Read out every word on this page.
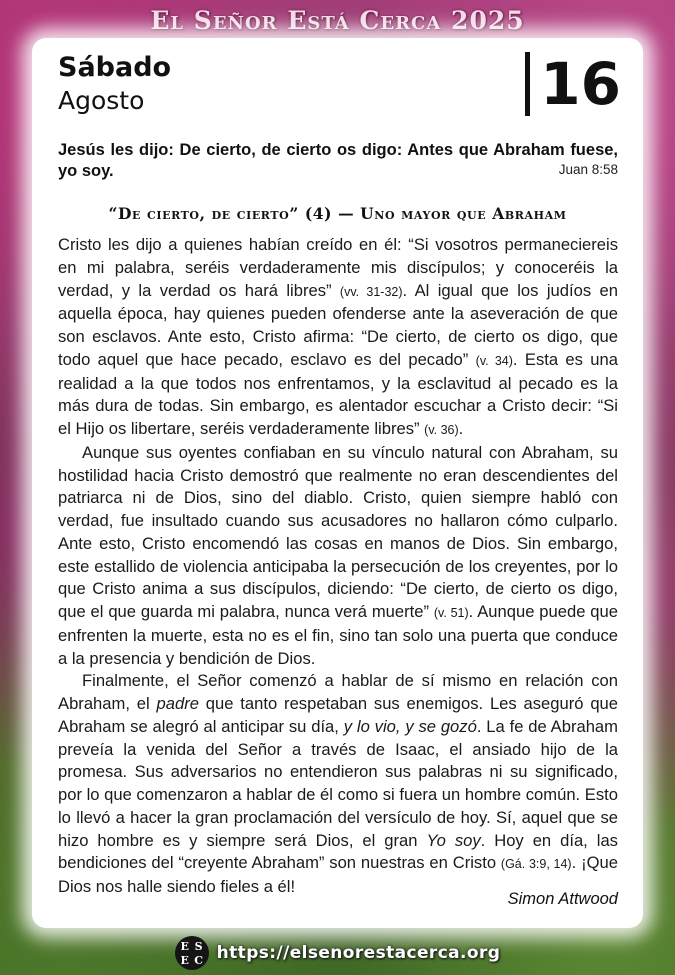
El Señor Está Cerca 2025
Sábado
Agosto	16
Jesús les dijo: De cierto, de cierto os digo: Antes que Abraham fuese, yo soy.	Juan 8:58
“De cierto, de cierto” (4) — Uno mayor que Abraham

Cristo les dijo a quienes habían creído en él: “Si vosotros permaneciereis en mi palabra, seréis verdaderamente mis discípulos; y conoceréis la verdad, y la verdad os hará libres” (vv. 31-32). Al igual que los judíos en aquella época, hay quienes pueden ofenderse ante la aseveración de que son esclavos. Ante esto, Cristo afirma: “De cierto, de cierto os digo, que todo aquel que hace pecado, esclavo es del pecado” (v. 34). Esta es una realidad a la que todos nos enfrentamos, y la esclavitud al pecado es la más dura de todas. Sin embargo, es alentador escuchar a Cristo decir: “Si el Hijo os libertare, seréis verdaderamente libres” (v. 36).

Aunque sus oyentes confiaban en su vínculo natural con Abraham, su hostilidad hacia Cristo demostró que realmente no eran descendientes del patriarca ni de Dios, sino del diablo. Cristo, quien siempre habló con verdad, fue insultado cuando sus acusadores no hallaron cómo culparlo. Ante esto, Cristo encomendó las cosas en manos de Dios. Sin embargo, este estallido de violencia anticipaba la persecución de los creyentes, por lo que Cristo anima a sus discípulos, diciendo: “De cierto, de cierto os digo, que el que guarda mi palabra, nunca verá muerte” (v. 51). Aunque puede que enfrenten la muerte, esta no es el fin, sino tan solo una puerta que conduce a la presencia y bendición de Dios.

Finalmente, el Señor comenzó a hablar de sí mismo en relación con Abraham, el padre que tanto respetaban sus enemigos. Les aseguró que Abraham se alegró al anticipar su día, y lo vio, y se gozó. La fe de Abraham preveía la venida del Señor a través de Isaac, el ansiado hijo de la promesa. Sus adversarios no entendieron sus palabras ni su significado, por lo que comenzaron a hablar de él como si fuera un hombre común. Esto lo llevó a hacer la gran proclamación del versículo de hoy. Sí, aquel que se hizo hombre es y siempre será Dios, el gran Yo soy. Hoy en día, las bendiciones del “creyente Abraham” son nuestras en Cristo (Gá. 3:9, 14). ¡Que Dios nos halle siendo fieles a él!

Simon Attwood
E S
E C https://elsenorestacerca.org
